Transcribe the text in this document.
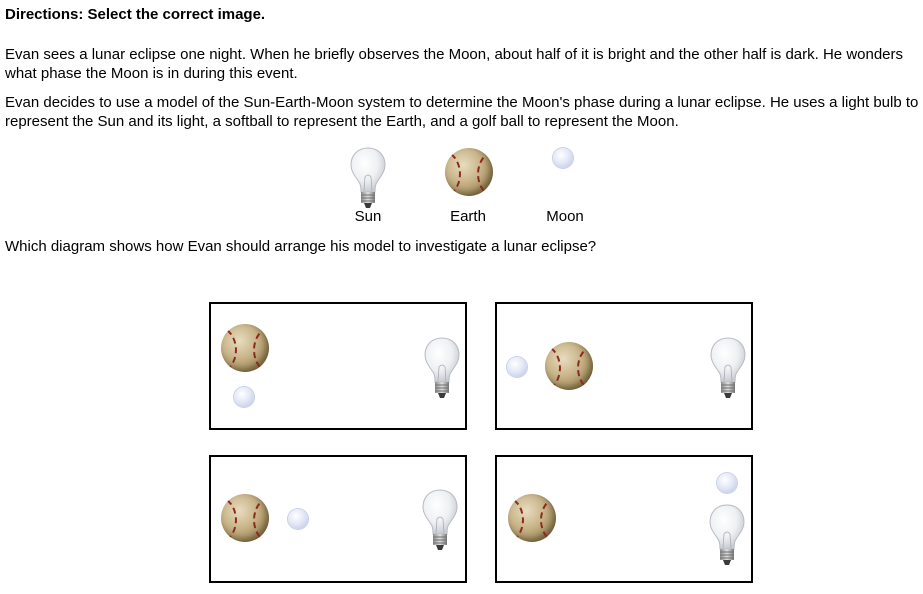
Directions: Select the correct image.

Evan sees a lunar eclipse one night. When he briefly observes the Moon, about half of it is bright and the other half is dark. He wonders what phase the Moon is in during this event.

Evan decides to use a model of the Sun-Earth-Moon system to determine the Moon's phase during a lunar eclipse. He uses a light bulb to represent the Sun and its light, a softball to represent the Earth, and a golf ball to represent the Moon.

Sun	Earth	Moon

Which diagram shows how Evan should arrange his model to investigate a lunar eclipse?
